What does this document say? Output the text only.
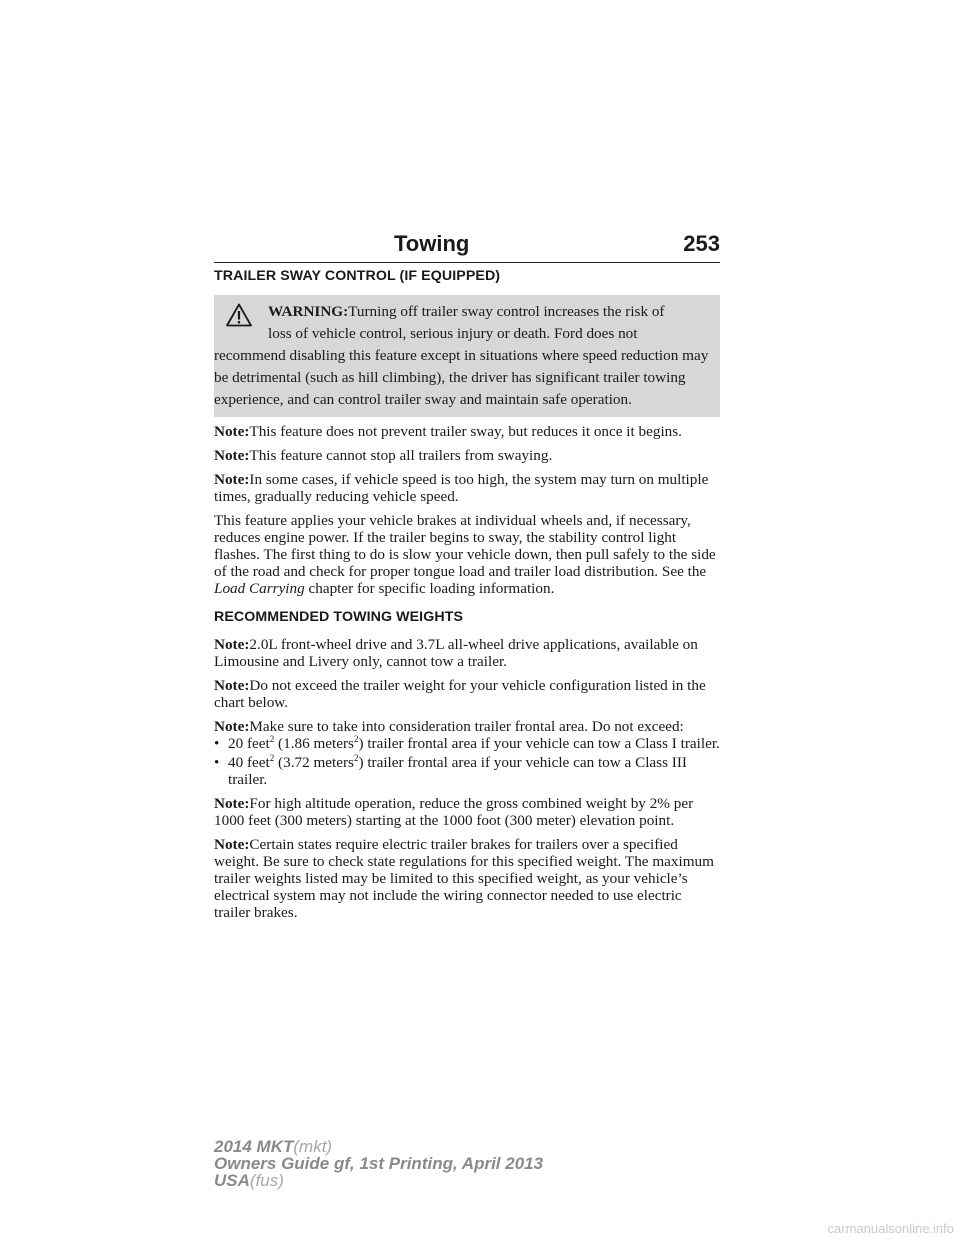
Towing	253
TRAILER SWAY CONTROL (IF EQUIPPED)

WARNING:Turning off trailer sway control increases the risk of

loss of vehicle control, serious injury or death. Ford does not

recommend disabling this feature except in situations where speed reduction may be detrimental (such as hill climbing), the driver has significant trailer towing experience, and can control trailer sway and maintain safe operation.

Note:This feature does not prevent trailer sway, but reduces it once it begins.

Note:This feature cannot stop all trailers from swaying.

Note:In some cases, if vehicle speed is too high, the system may turn on multiple times, gradually reducing vehicle speed.

This feature applies your vehicle brakes at individual wheels and, if necessary, reduces engine power. If the trailer begins to sway, the stability control light flashes. The first thing to do is slow your vehicle down, then pull safely to the side of the road and check for proper tongue load and trailer load distribution. See the Load Carrying chapter for specific loading information.

RECOMMENDED TOWING WEIGHTS

Note:2.0L front-wheel drive and 3.7L all-wheel drive applications, available on Limousine and Livery only, cannot tow a trailer.

Note:Do not exceed the trailer weight for your vehicle configuration listed in the chart below.

Note:Make sure to take into consideration trailer frontal area. Do not exceed:

• 20 feet$^2$ (1.86 meters$^2$) trailer frontal area if your vehicle can tow a Class I trailer.
• 40 feet$^2$ (3.72 meters$^2$) trailer frontal area if your vehicle can tow a Class III trailer.

Note:For high altitude operation, reduce the gross combined weight by 2% per 1000 feet (300 meters) starting at the 1000 foot (300 meter) elevation point.

Note:Certain states require electric trailer brakes for trailers over a specified weight. Be sure to check state regulations for this specified weight. The maximum trailer weights listed may be limited to this specified weight, as your vehicle’s electrical system may not include the wiring connector needed to use electric trailer brakes.

2014 MKT(mkt)
Owners Guide gf, 1st Printing, April 2013
USA(fus)
carmanualsonline.info
